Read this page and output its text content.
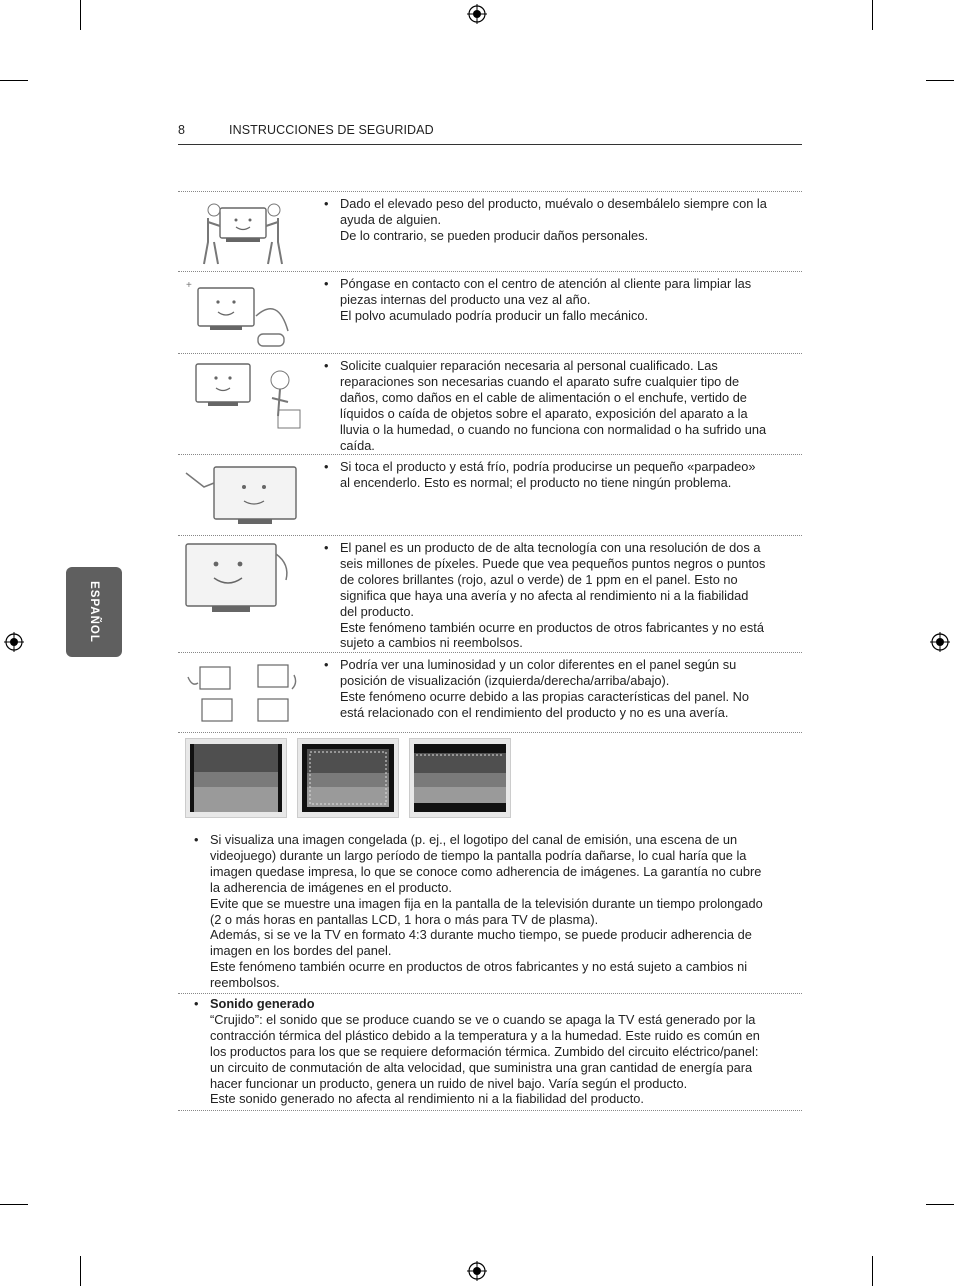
8	INSTRUCCIONES DE SEGURIDAD
ESPAÑOL
• Dado el elevado peso del producto, muévalo o desembálelo siempre con la
ayuda de alguien.
De lo contrario, se pueden producir daños personales.
+	• Póngase en contacto con el centro de atención al cliente para limpiar las
piezas internas del producto una vez al año.
El polvo acumulado podría producir un fallo mecánico.
• Solicite cualquier reparación necesaria al personal cualificado. Las
reparaciones son necesarias cuando el aparato sufre cualquier tipo de
daños, como daños en el cable de alimentación o el enchufe, vertido de
líquidos o caída de objetos sobre el aparato, exposición del aparato a la
lluvia o la humedad, o cuando no funciona con normalidad o ha sufrido una
caída.
• Si toca el producto y está frío, podría producirse un pequeño «parpadeo»
al encenderlo. Esto es normal; el producto no tiene ningún problema.
• El panel es un producto de de alta tecnología con una resolución de dos a
seis millones de píxeles. Puede que vea pequeños puntos negros o puntos
de colores brillantes (rojo, azul o verde) de 1 ppm en el panel. Esto no
significa que haya una avería y no afecta al rendimiento ni a la fiabilidad
del producto.
Este fenómeno también ocurre en productos de otros fabricantes y no está
sujeto a cambios ni reembolsos.
• Podría ver una luminosidad y un color diferentes en el panel según su
posición de visualización (izquierda/derecha/arriba/abajo).
Este fenómeno ocurre debido a las propias características del panel. No
está relacionado con el rendimiento del producto y no es una avería.
• Si visualiza una imagen congelada (p. ej., el logotipo del canal de emisión, una escena de un
videojuego) durante un largo período de tiempo la pantalla podría dañarse, lo cual haría que la
imagen quedase impresa, lo que se conoce como adherencia de imágenes. La garantía no cubre
la adherencia de imágenes en el producto.
Evite que se muestre una imagen fija en la pantalla de la televisión durante un tiempo prolongado
(2 o más horas en pantallas LCD, 1 hora o más para TV de plasma).
Además, si se ve la TV en formato 4:3 durante mucho tiempo, se puede producir adherencia de
imagen en los bordes del panel.
Este fenómeno también ocurre en productos de otros fabricantes y no está sujeto a cambios ni
reembolsos.
• Sonido generado
“Crujido”: el sonido que se produce cuando se ve o cuando se apaga la TV está generado por la
contracción térmica del plástico debido a la temperatura y a la humedad. Este ruido es común en
los productos para los que se requiere deformación térmica. Zumbido del circuito eléctrico/panel:
un circuito de conmutación de alta velocidad, que suministra una gran cantidad de energía para
hacer funcionar un producto, genera un ruido de nivel bajo. Varía según el producto.
Este sonido generado no afecta al rendimiento ni a la fiabilidad del producto.
